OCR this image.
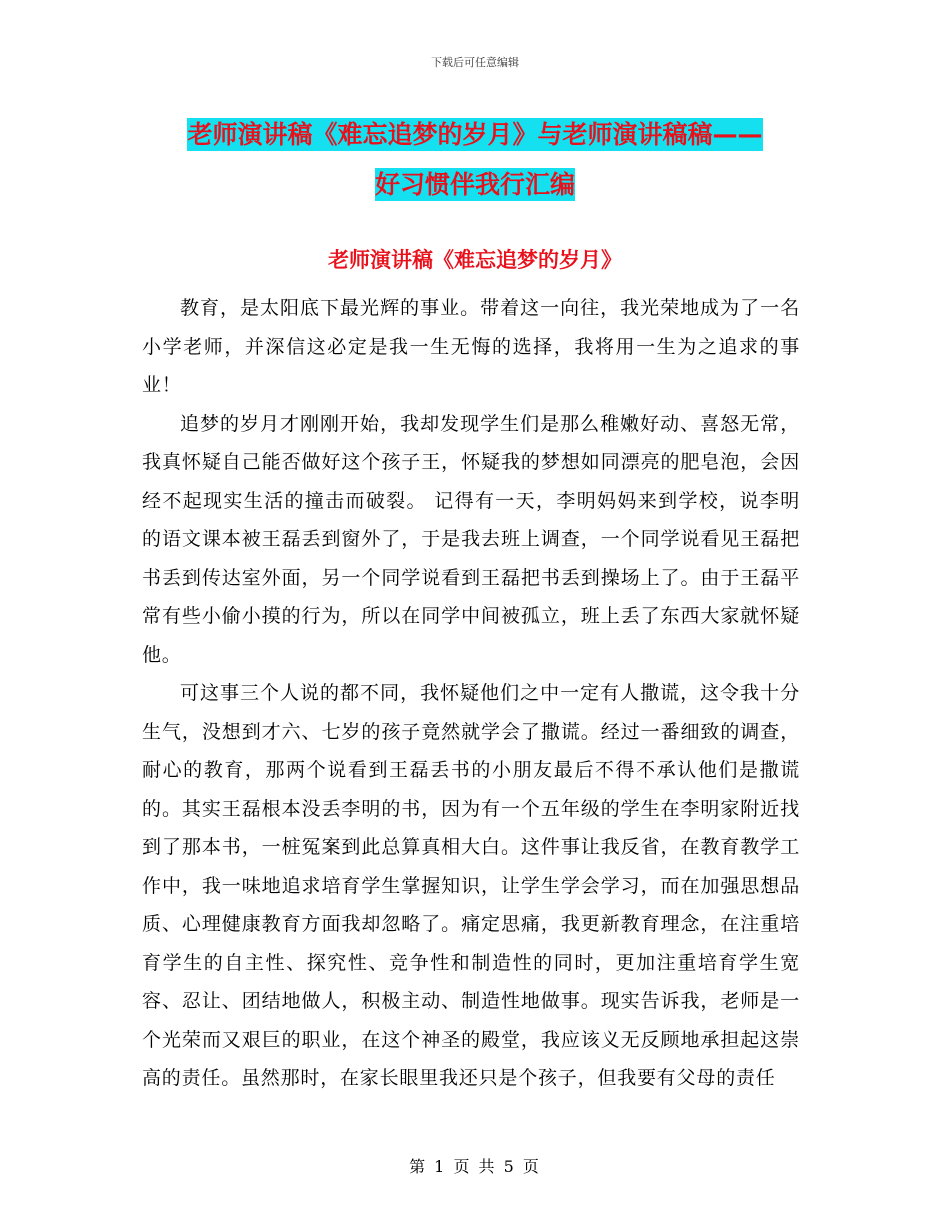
下载后可任意编辑
老师演讲稿《难忘追梦的岁月》与老师演讲稿稿——
好习惯伴我行汇编
老师演讲稿《难忘追梦的岁月》

教育，是太阳底下最光辉的事业。带着这一向往，我光荣地成为了一名小学老师，并深信这必定是我一生无悔的选择，我将用一生为之追求的事业！

追梦的岁月才刚刚开始，我却发现学生们是那么稚嫩好动、喜怒无常，我真怀疑自己能否做好这个孩子王，怀疑我的梦想如同漂亮的肥皂泡，会因经不起现实生活的撞击而破裂。 记得有一天，李明妈妈来到学校，说李明的语文课本被王磊丢到窗外了，于是我去班上调查，一个同学说看见王磊把书丢到传达室外面，另一个同学说看到王磊把书丢到操场上了。由于王磊平常有些小偷小摸的行为，所以在同学中间被孤立，班上丢了东西大家就怀疑他。

可这事三个人说的都不同，我怀疑他们之中一定有人撒谎，这令我十分生气，没想到才六、七岁的孩子竟然就学会了撒谎。经过一番细致的调查，耐心的教育，那两个说看到王磊丢书的小朋友最后不得不承认他们是撒谎的。其实王磊根本没丢李明的书，因为有一个五年级的学生在李明家附近找到了那本书，一桩冤案到此总算真相大白。这件事让我反省，在教育教学工作中，我一味地追求培育学生掌握知识，让学生学会学习，而在加强思想品质、心理健康教育方面我却忽略了。痛定思痛，我更新教育理念，在注重培育学生的自主性、探究性、竞争性和制造性的同时，更加注重培育学生宽容、忍让、团结地做人，积极主动、制造性地做事。现实告诉我，老师是一个光荣而又艰巨的职业，在这个神圣的殿堂，我应该义无反顾地承担起这崇高的责任。虽然那时，在家长眼里我还只是个孩子，但我要有父母的责任

第 1 页 共 5 页
